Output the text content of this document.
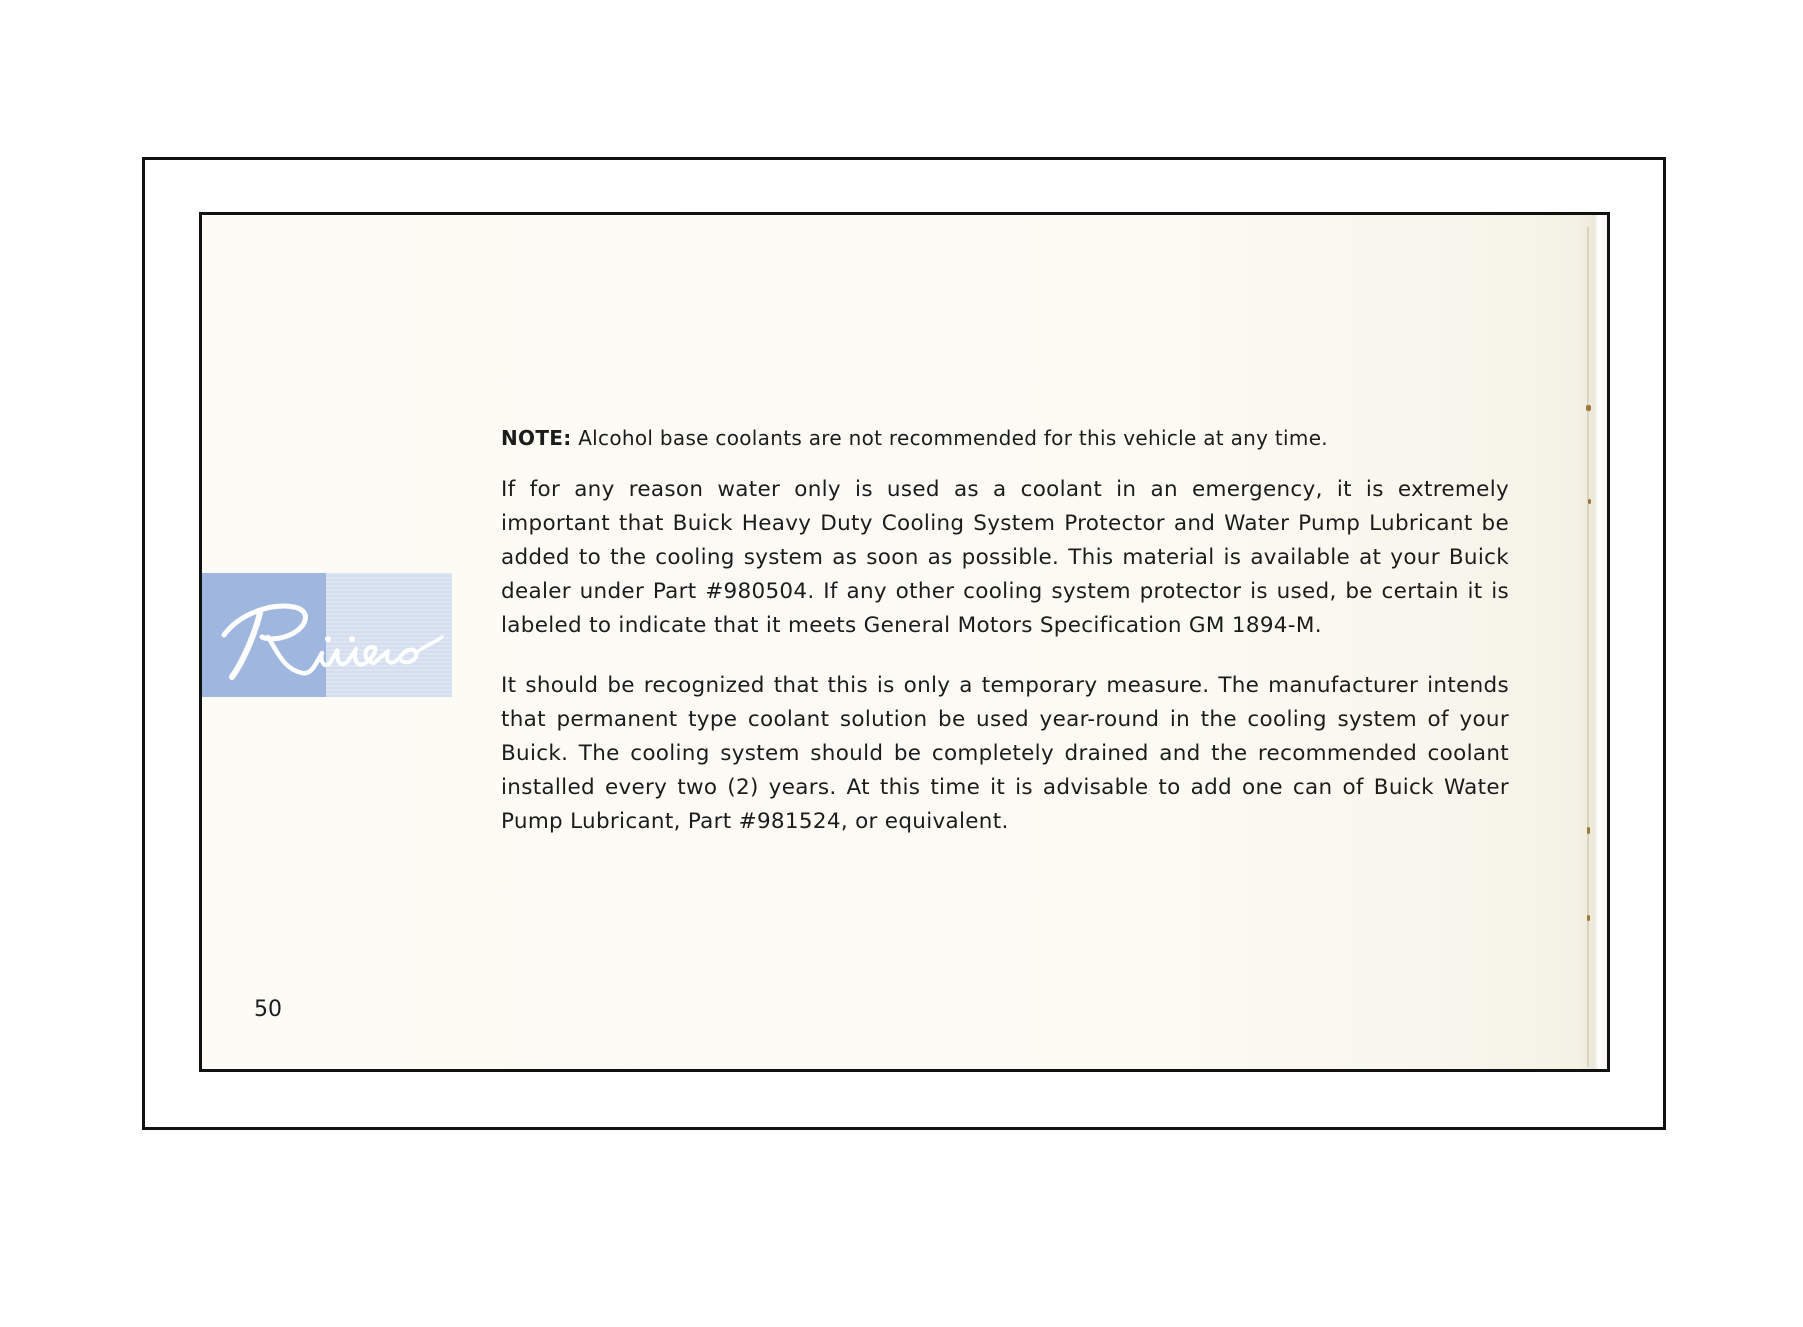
NOTE: Alcohol base coolants are not recommended for this vehicle at any time.

If for any reason water only is used as a coolant in an emergency, it is extremely important that Buick Heavy Duty Cooling System Protector and Water Pump Lubricant be added to the cooling system as soon as possible. This material is available at your Buick dealer under Part #980504. If any other cooling system protector is used, be certain it is labeled to indicate that it meets General Motors Specification GM 1894-M.

It should be recognized that this is only a temporary measure. The manufacturer intends that permanent type coolant solution be used year-round in the cooling system of your Buick. The cooling system should be completely drained and the recommended coolant installed every two (2) years. At this time it is advisable to add one can of Buick Water Pump Lubricant, Part #981524, or equivalent.

50
